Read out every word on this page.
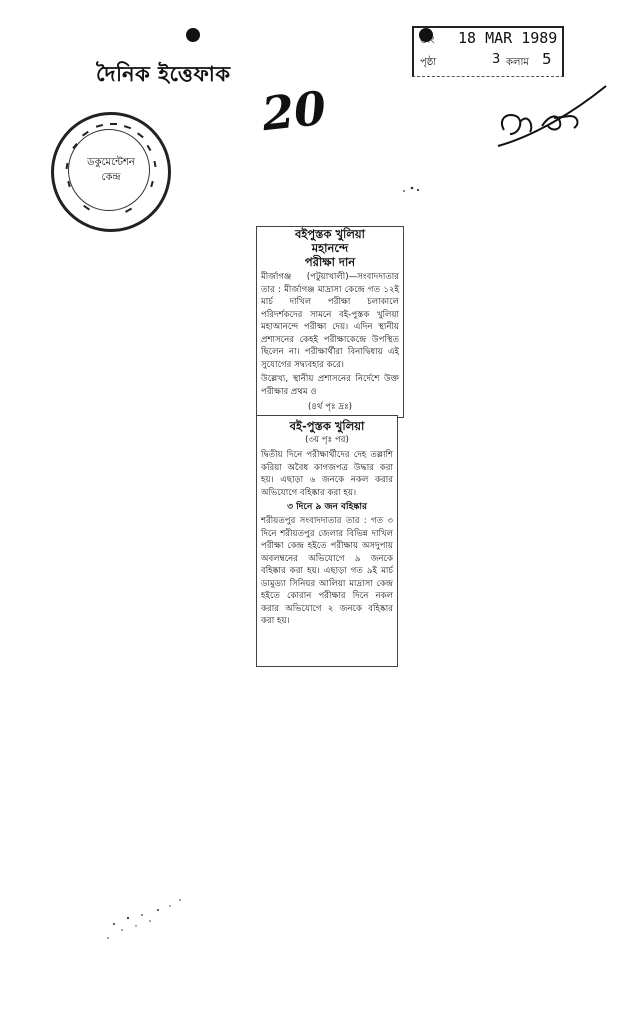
দৈনিক ইত্তেফাক
20
তাং 18 MAR 1989
পৃষ্ঠা	3 কলাম 5
ডকুমেন্টেশন
কেন্দ্র
বইপুস্তক খুলিয়া
মহানন্দে
পরীক্ষা দান
মীর্জাগঞ্জ (পটুয়াখালী)—সংবাদদাতার তার : মীর্জাগঞ্জ মাদ্রাসা কেন্দ্রে গত ১২ই মার্চ দাখিল পরীক্ষা চলাকালে পরিদর্শকদের সামনে বই-পুস্তক খুলিয়া মহাআনন্দে পরীক্ষা দেয়। এদিন স্থানীয় প্রশাসনের কেহই পরীক্ষাকেন্দ্রে উপস্থিত ছিলেন না। পরীক্ষার্থীরা বিনাদ্বিধায় এই সুযোগের সদ্ব্যবহার করে।
উল্লেখ্য, স্থানীয় প্রশাসনের নির্দেশে উক্ত পরীক্ষার প্রথম ও
(৪র্থ পৃঃ দ্রঃ)
বই-পুস্তক খুলিয়া
(৩য় পৃঃ পর)
দ্বিতীয় দিনে পরীক্ষার্থীদের দেহ তল্লাশি করিয়া অবৈধ কাগজপত্র উদ্ধার করা হয়। এছাড়া ৬ জনকে নকল করার অভিযোগে বহিষ্কার করা হয়।
৩ দিনে ৯ জন বহিষ্কার
শরীয়তপুর সংবাদদাতার তার : গত ৩ দিনে শরীয়তপুর জেলার বিভিন্ন দাখিল পরীক্ষা কেন্দ্র হইতে পরীক্ষায় অসদুপায় অবলম্বনের অভিযোগে ৯ জনকে বহিষ্কার করা হয়। এছাড়া গত ৯ই মার্চ ডামুড্যা সিনিয়র আলিয়া মাদ্রাসা কেন্দ্র হইতে কোরান পরীক্ষার দিনে নকল করার অভিযোগে ২ জনকে বহিষ্কার করা হয়।
